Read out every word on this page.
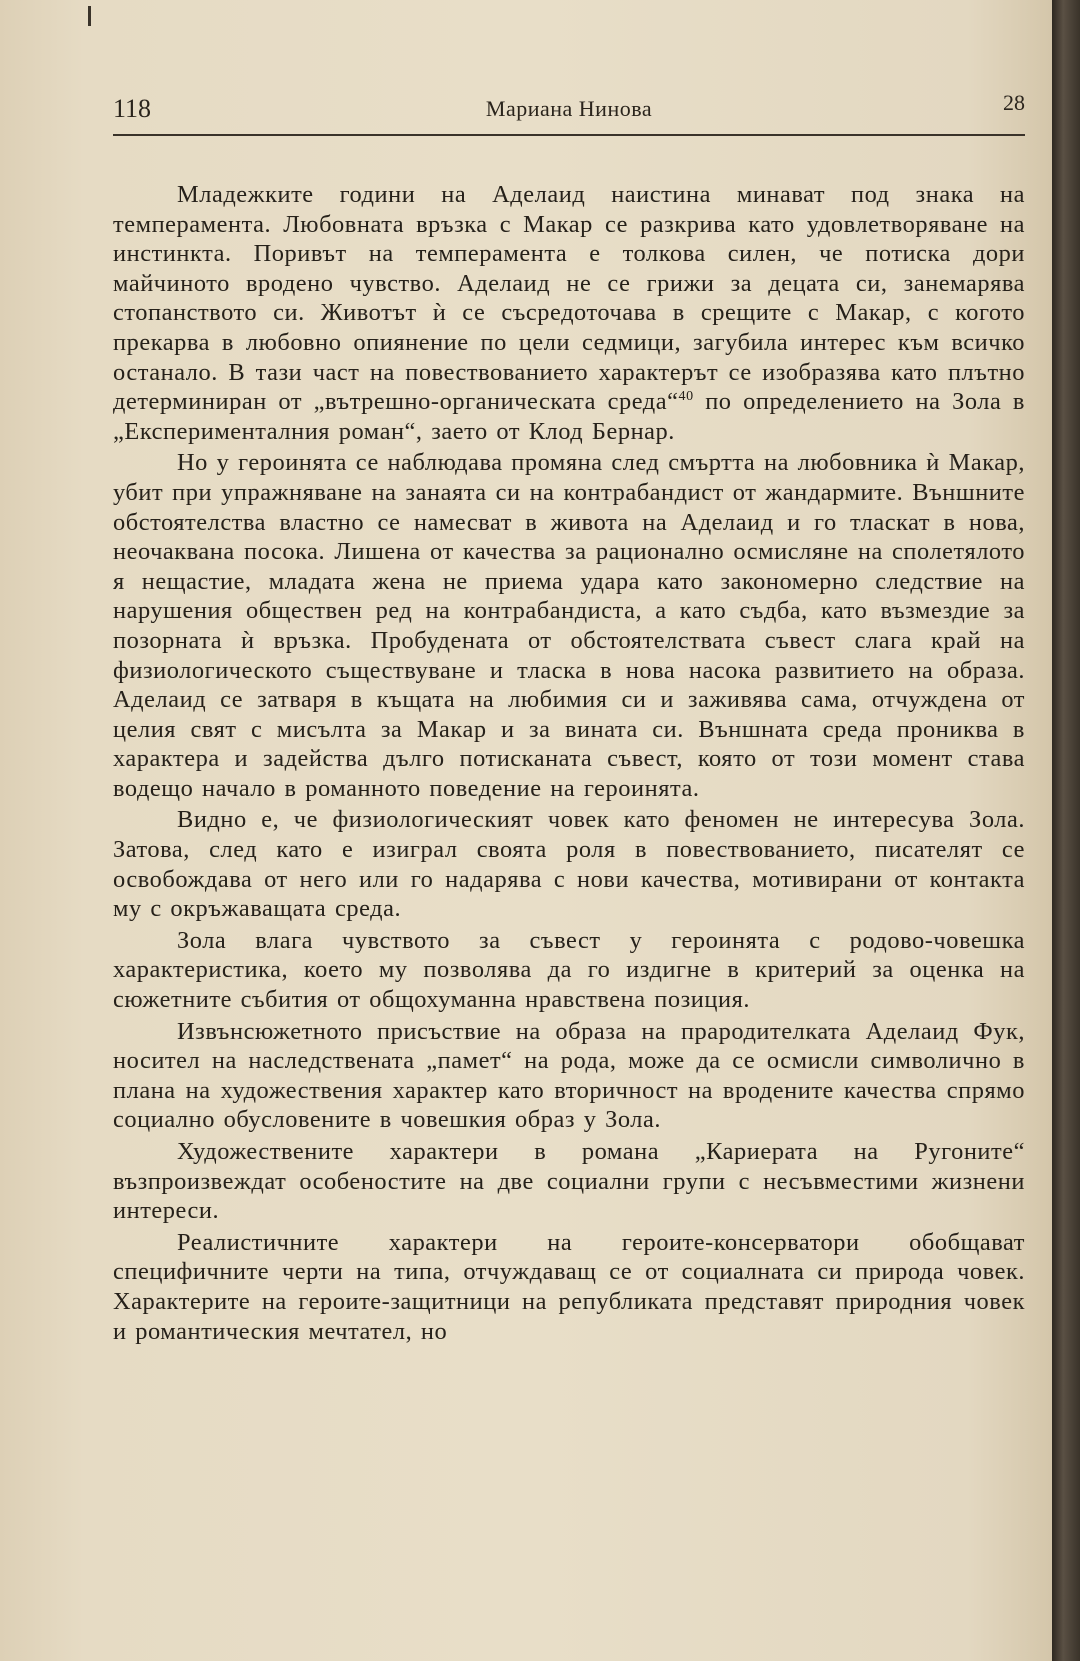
118	Мариана Нинова	28

Младежките години на Аделаид наистина минават под знака на темперамента. Любовната връзка с Макар се разкрива като удовлетворяване на инстинкта. Поривът на темперамента е толкова силен, че потиска дори майчиното вродено чувство. Аделаид не се грижи за децата си, занемарява стопанството си. Животът ѝ се съсредоточава в срещите с Макар, с когото прекарва в любовно опиянение по цели седмици, загубила интерес към всичко останало. В тази част на повествованието характерът се изобразява като плътно детерминиран от „вътрешно-органическата среда“$^{40}$ по определението на Зола в „Експерименталния роман“, заето от Клод Бернар.

Но у героинята се наблюдава промяна след смъртта на любовника ѝ Макар, убит при упражняване на занаята си на контрабандист от жандармите. Външните обстоятелства властно се намесват в живота на Аделаид и го тласкат в нова, неочаквана посока. Лишена от качества за рационално осмисляне на сполетялото я нещастие, младата жена не приема удара като закономерно следствие на нарушения обществен ред на контрабандиста, а като съдба, като възмездие за позорната ѝ връзка. Пробудената от обстоятелствата съвест слага край на физиологическото съществуване и тласка в нова насока развитието на образа. Аделаид се затваря в къщата на любимия си и заживява сама, отчуждена от целия свят с мисълта за Макар и за вината си. Външната среда прониква в характера и задейства дълго потисканата съвест, която от този момент става водещо начало в романното поведение на героинята.

Видно е, че физиологическият човек като феномен не интересува Зола. Затова, след като е изиграл своята роля в повествованието, писателят се освобождава от него или го надарява с нови качества, мотивирани от контакта му с окръжаващата среда.

Зола влага чувството за съвест у героинята с родово-човешка характеристика, което му позволява да го издигне в критерий за оценка на сюжетните събития от общохуманна нравствена позиция.

Извънсюжетното присъствие на образа на прародителката Аделаид Фук, носител на наследствената „памет“ на рода, може да се осмисли символично в плана на художествения характер като вторичност на вродените качества спрямо социално обусловените в човешкия образ у Зола.

Художествените характери в романа „Кариерата на Ругоните“ възпроизвеждат особеностите на две социални групи с несъвместими жизнени интереси.

Реалистичните характери на героите-консерватори обобщават специфичните черти на типа, отчуждаващ се от социалната си природа човек. Характерите на героите-защитници на републиката представят природния човек и романтическия мечтател, но
